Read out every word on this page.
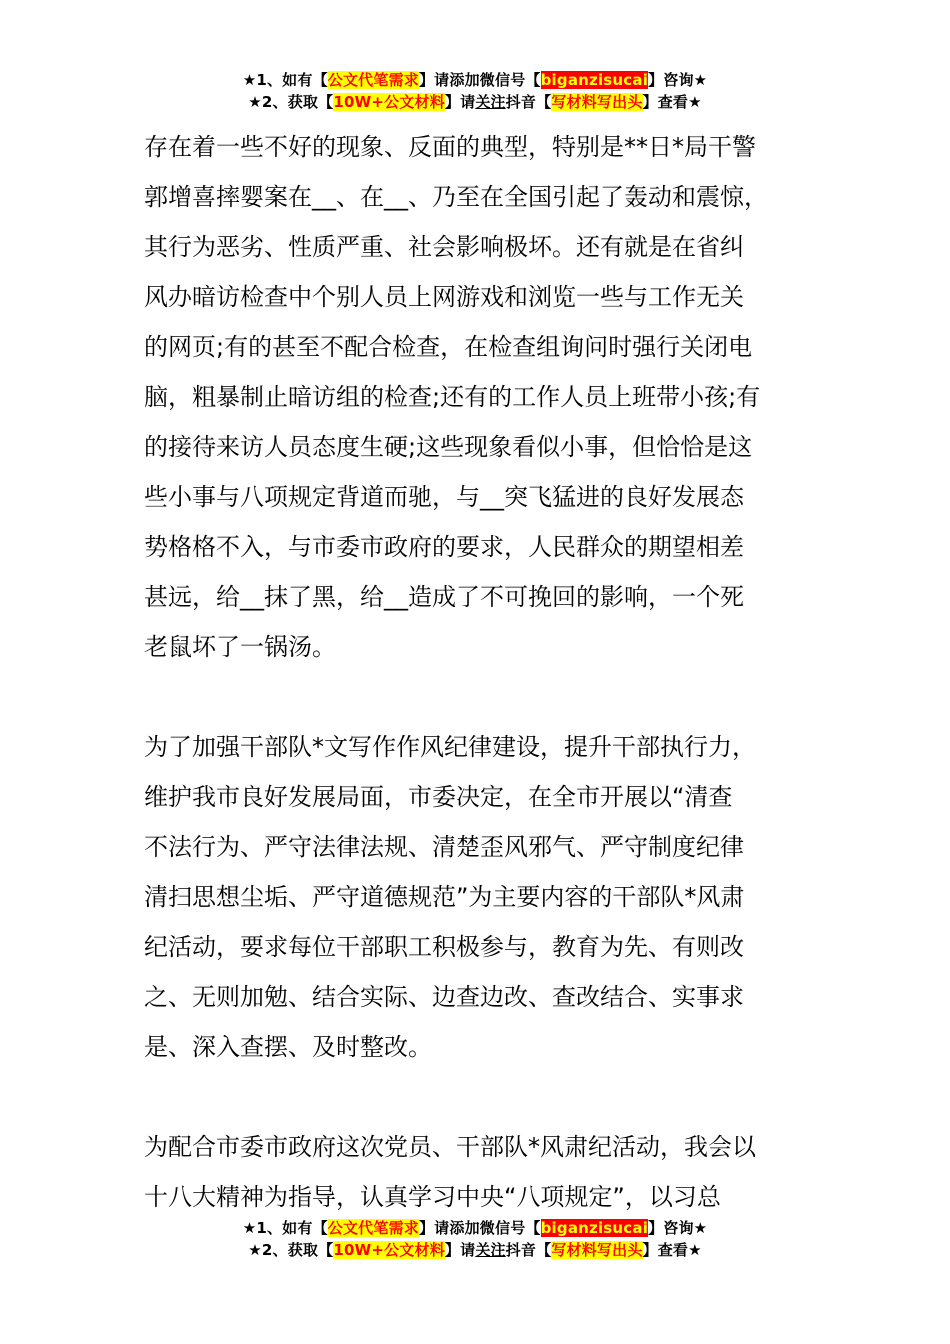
★1、如有【公文代笔需求】请添加微信号【biganzisucai】咨询★
★2、获取【10W+公文材料】请关注抖音【写材料写出头】查看★
存在着一些不好的现象、反面的典型，特别是**日*局干警
郭增喜摔婴案在__、在__、乃至在全国引起了轰动和震惊，
其行为恶劣、性质严重、社会影响极坏。还有就是在省纠
风办暗访检查中个别人员上网游戏和浏览一些与工作无关
的网页;有的甚至不配合检查，在检查组询问时强行关闭电
脑，粗暴制止暗访组的检查;还有的工作人员上班带小孩;有
的接待来访人员态度生硬;这些现象看似小事，但恰恰是这
些小事与八项规定背道而驰，与__突飞猛进的良好发展态
势格格不入，与市委市政府的要求，人民群众的期望相差
甚远，给__抹了黑，给__造成了不可挽回的影响，一个死
老鼠坏了一锅汤。
为了加强干部队*文写作作风纪律建设，提升干部执行力，
维护我市良好发展局面，市委决定，在全市开展以“清查
不法行为、严守法律法规、清楚歪风邪气、严守制度纪律
清扫思想尘垢、严守道德规范”为主要内容的干部队*风肃
纪活动，要求每位干部职工积极参与，教育为先、有则改
之、无则加勉、结合实际、边查边改、查改结合、实事求
是、深入查摆、及时整改。
为配合市委市政府这次党员、干部队*风肃纪活动，我会以
十八大精神为指导，认真学习中央“八项规定”，以习总
★1、如有【公文代笔需求】请添加微信号【biganzisucai】咨询★
★2、获取【10W+公文材料】请关注抖音【写材料写出头】查看★
